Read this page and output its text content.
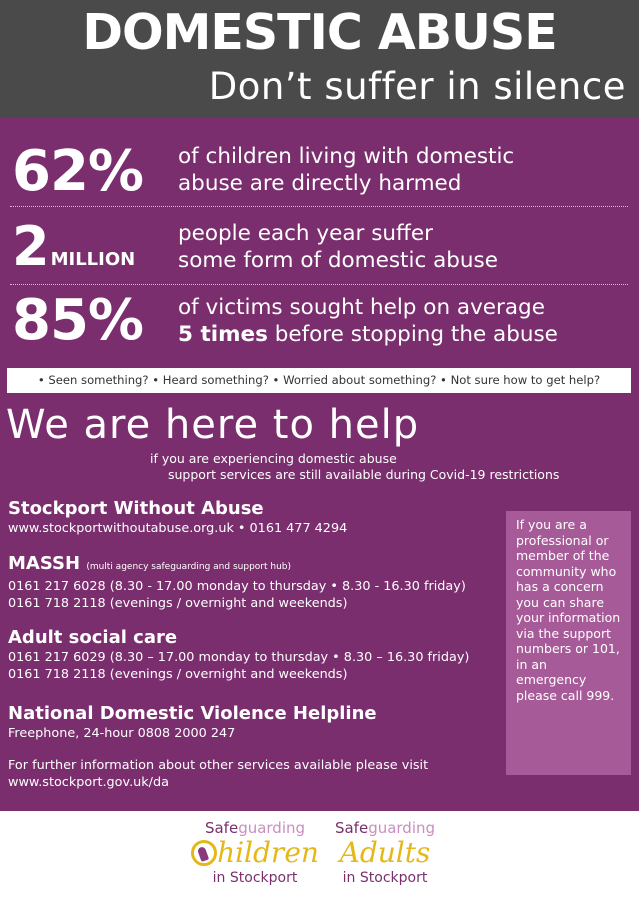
DOMESTIC ABUSE
Don’t suffer in silence
62% of children living with domestic
abuse are directly harmed
2MILLION
people each year suffer
some form of domestic abuse
85% of victims sought help on average
5 times before stopping the abuse
• Seen something? • Heard something? • Worried about something? • Not sure how to get help?
We are here to help
if you are experiencing domestic abuse
support services are still available during Covid-19 restrictions
Stockport Without Abuse
www.stockportwithoutabuse.org.uk • 0161 477 4294
MASSH (multi agency safeguarding and support hub)
0161 217 6028 (8.30 - 17.00 monday to thursday • 8.30 - 16.30 friday)
0161 718 2118 (evenings / overnight and weekends)
Adult social care
0161 217 6029 (8.30 – 17.00 monday to thursday • 8.30 – 16.30 friday)
0161 718 2118 (evenings / overnight and weekends)
National Domestic Violence Helpline
Freephone, 24-hour 0808 2000 247
If you are a professional or member of the community who has a concern you can share your information via the support numbers or 101, in an emergency please call 999.
For further information about other services available please visit
www.stockport.gov.uk/da
Safeguarding
hildren
in Stockport
Safeguarding
Adults
in Stockport
